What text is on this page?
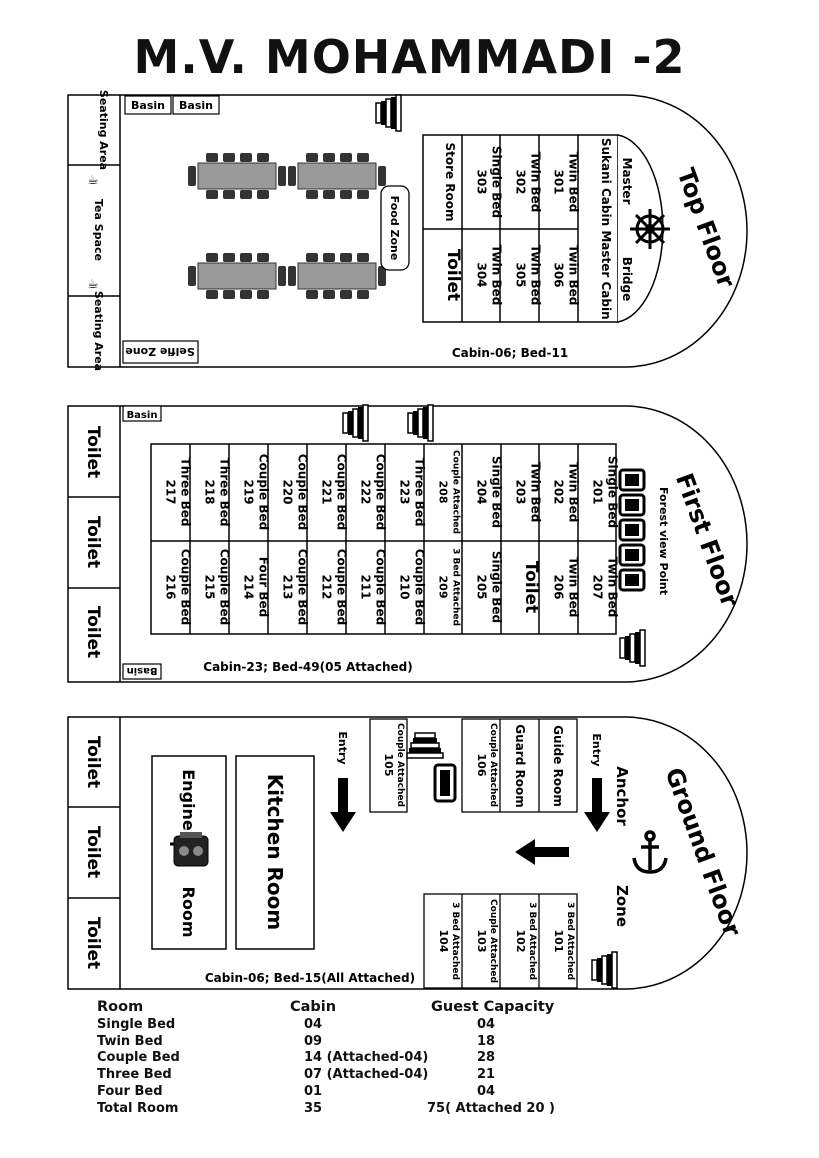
M.V. MOHAMMADI -2
Seating Area
Tea Space
☕
☕
Seating Area
Basin Basin
Selfie Zone
Food Zone
Sukani Cabin
Master Cabin
301Twin Bed
306Twin Bed
302Twin Bed
305Twin Bed
303Single Bed
304Twin Bed
Store Room
Toilet
MasterBridge Top Floor
Cabin-06; Bed-11
Toilet
Toilet
Toilet
Basin
Basin
201Single Bed
202Twin Bed
203Twin Bed
204Single Bed
208Couple Attached
223Three Bed
222Couple Bed
221Couple Bed
220Couple Bed
219Couple Bed
218Three Bed
217Three Bed
207Twin Bed
206Twin Bed
205Single Bed
2093 Bed Attached
210Couple Bed
211Couple Bed
212Couple Bed
213Couple Bed
214Four Bed
215Couple Bed
216Couple Bed	Toilet	Forest view Point First Floor
Cabin-23; Bed-49(05 Attached)
Toilet
Toilet
Toilet
Engine
Room	Kitchen Room
Entry
105Couple Attached	106Couple Attached Guard Room Guide Room Entry
Anchor
Zone
1013 Bed Attached
1023 Bed Attached
103Couple Attached
1043 Bed Attached
Ground Floor
Cabin-06; Bed-15(All Attached)
Room	Cabin	Guest Capacity
Single Bed	04	04
Twin Bed	09	18
Couple Bed	14 (Attached-04)	28
Three Bed	07 (Attached-04)	21
Four Bed	01	04
Total Room	35	75( Attached 20 )
